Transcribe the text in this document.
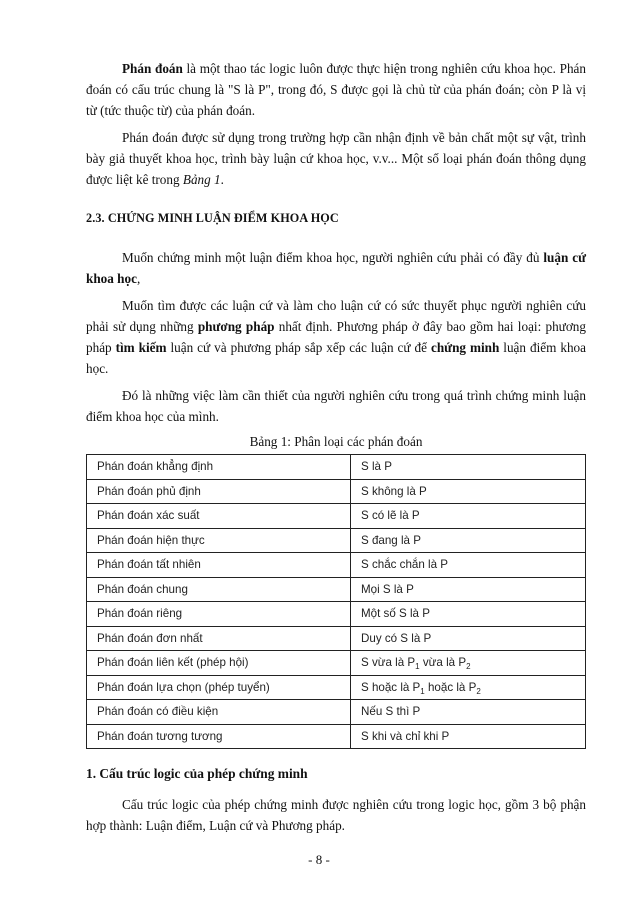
Phán đoán là một thao tác logic luôn được thực hiện trong nghiên cứu khoa học. Phán đoán có cấu trúc chung là "S là P", trong đó, S được gọi là chủ từ của phán đoán; còn P là vị từ (tức thuộc từ) của phán đoán.

Phán đoán được sử dụng trong trường hợp cần nhận định về bản chất một sự vật, trình bày giả thuyết khoa học, trình bày luận cứ khoa học, v.v... Một số loại phán đoán thông dụng được liệt kê trong Bảng 1.

2.3. CHỨNG MINH LUẬN ĐIỂM KHOA HỌC

Muốn chứng minh một luận điểm khoa học, người nghiên cứu phải có đầy đủ luận cứ khoa học,

Muốn tìm được các luận cứ và làm cho luận cứ có sức thuyết phục người nghiên cứu phải sử dụng những phương pháp nhất định. Phương pháp ở đây bao gồm hai loại: phương pháp tìm kiếm luận cứ và phương pháp sắp xếp các luận cứ để chứng minh luận điểm khoa học.

Đó là những việc làm cần thiết của người nghiên cứu trong quá trình chứng minh luận điểm khoa học của mình.

Bảng 1: Phân loại các phán đoán
Phán đoán khẳng định	S là P
Phán đoán phủ định	S không là P
Phán đoán xác suất	S có lẽ là P
Phán đoán hiện thực	S đang là P
Phán đoán tất nhiên	S chắc chắn là P
Phán đoán chung	Mọi S là P
Phán đoán riêng	Một số S là P
Phán đoán đơn nhất	Duy có S là P
Phán đoán liên kết (phép hội)	S vừa là $P_1$ vừa là $P_2$
Phán đoán lựa chọn (phép tuyển)	S hoặc là $P_1$ hoặc là $P_2$
Phán đoán có điều kiện	Nếu S thì P
Phán đoán tương tương	S khi và chỉ khi P
1. Cấu trúc logic của phép chứng minh

Cấu trúc logic của phép chứng minh được nghiên cứu trong logic học, gồm 3 bộ phận hợp thành: Luận điểm, Luận cứ và Phương pháp.

- 8 -
